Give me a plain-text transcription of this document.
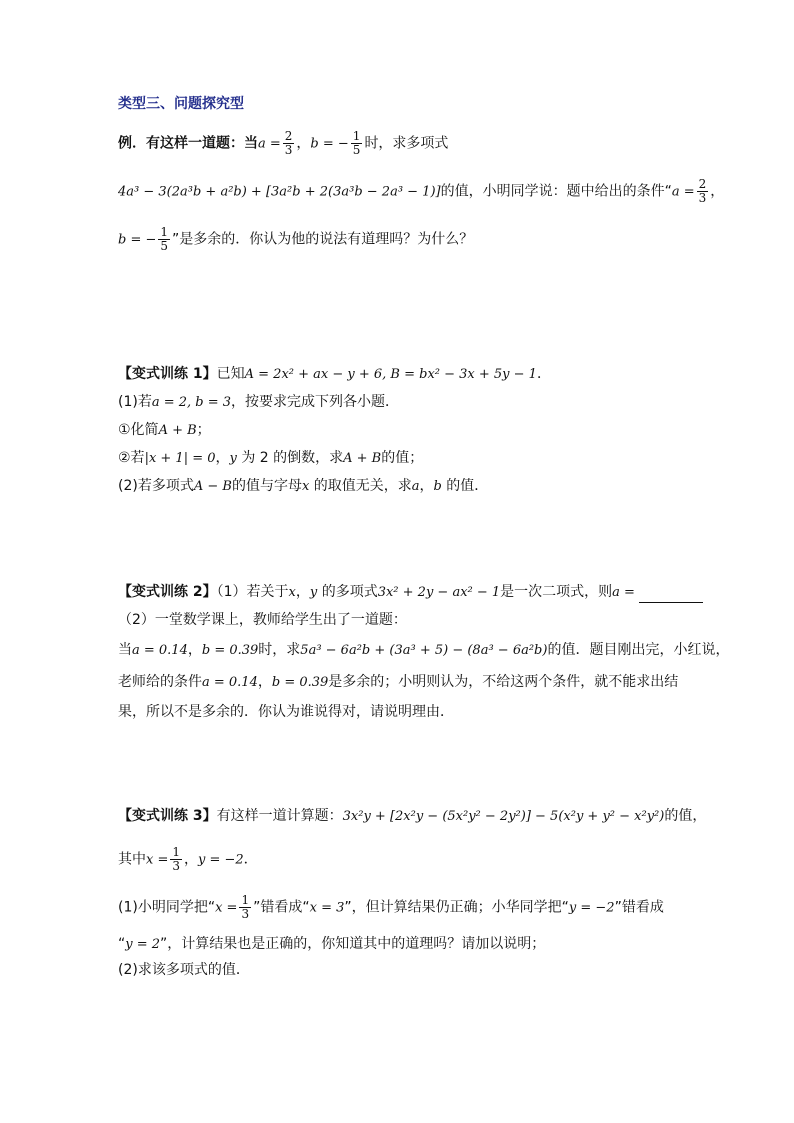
类型三、问题探究型
例．有这样一道题：当$a = \frac{2}{3}$ ，b = − $\frac{1}{5}$ 时，求多项式
4a³ − 3(2a³b + a²b) + [3a²b + 2(3a³b − 2a³ − 1)]的值，小明同学说：题中给出的条件“$a = \frac{2}{3}$ ，
b = − $\frac{1}{5}$ ”是多余的．你认为他的说法有道理吗？为什么？
【变式训练 1】已知A = 2x² + ax − y + 6, B = bx² − 3x + 5y − 1．
(1)若a = 2, b = 3，按要求完成下列各小题．
①化简A + B；
②若|x + 1| = 0，y 为 2 的倒数，求A + B的值；
(2)若多项式A − B的值与字母x 的取值无关，求a，b 的值．
【变式训练 2】（1）若关于x，y 的多项式3x² + 2y − ax² − 1是一次二项式，则a =
（2）一堂数学课上，教师给学生出了一道题：
当a = 0.14，b = 0.39时，求5a³ − 6a²b + (3a³ + 5) − (8a³ − 6a²b)的值．题目刚出完，小红说，
老师给的条件a = 0.14，b = 0.39是多余的；小明则认为，不给这两个条件，就不能求出结
果，所以不是多余的．你认为谁说得对，请说明理由．
【变式训练 3】有这样一道计算题：3x²y + [2x²y − (5x²y² − 2y²)] − 5(x²y + y² − x²y²)的值，
其中$x = \frac{1}{3}$ ，y = −2．
(1)小明同学把“$x = \frac{1}{3}$ ”错看成“x = 3”，但计算结果仍正确；小华同学把“y = −2”错看成
“y = 2”，计算结果也是正确的，你知道其中的道理吗？请加以说明；
(2)求该多项式的值．
